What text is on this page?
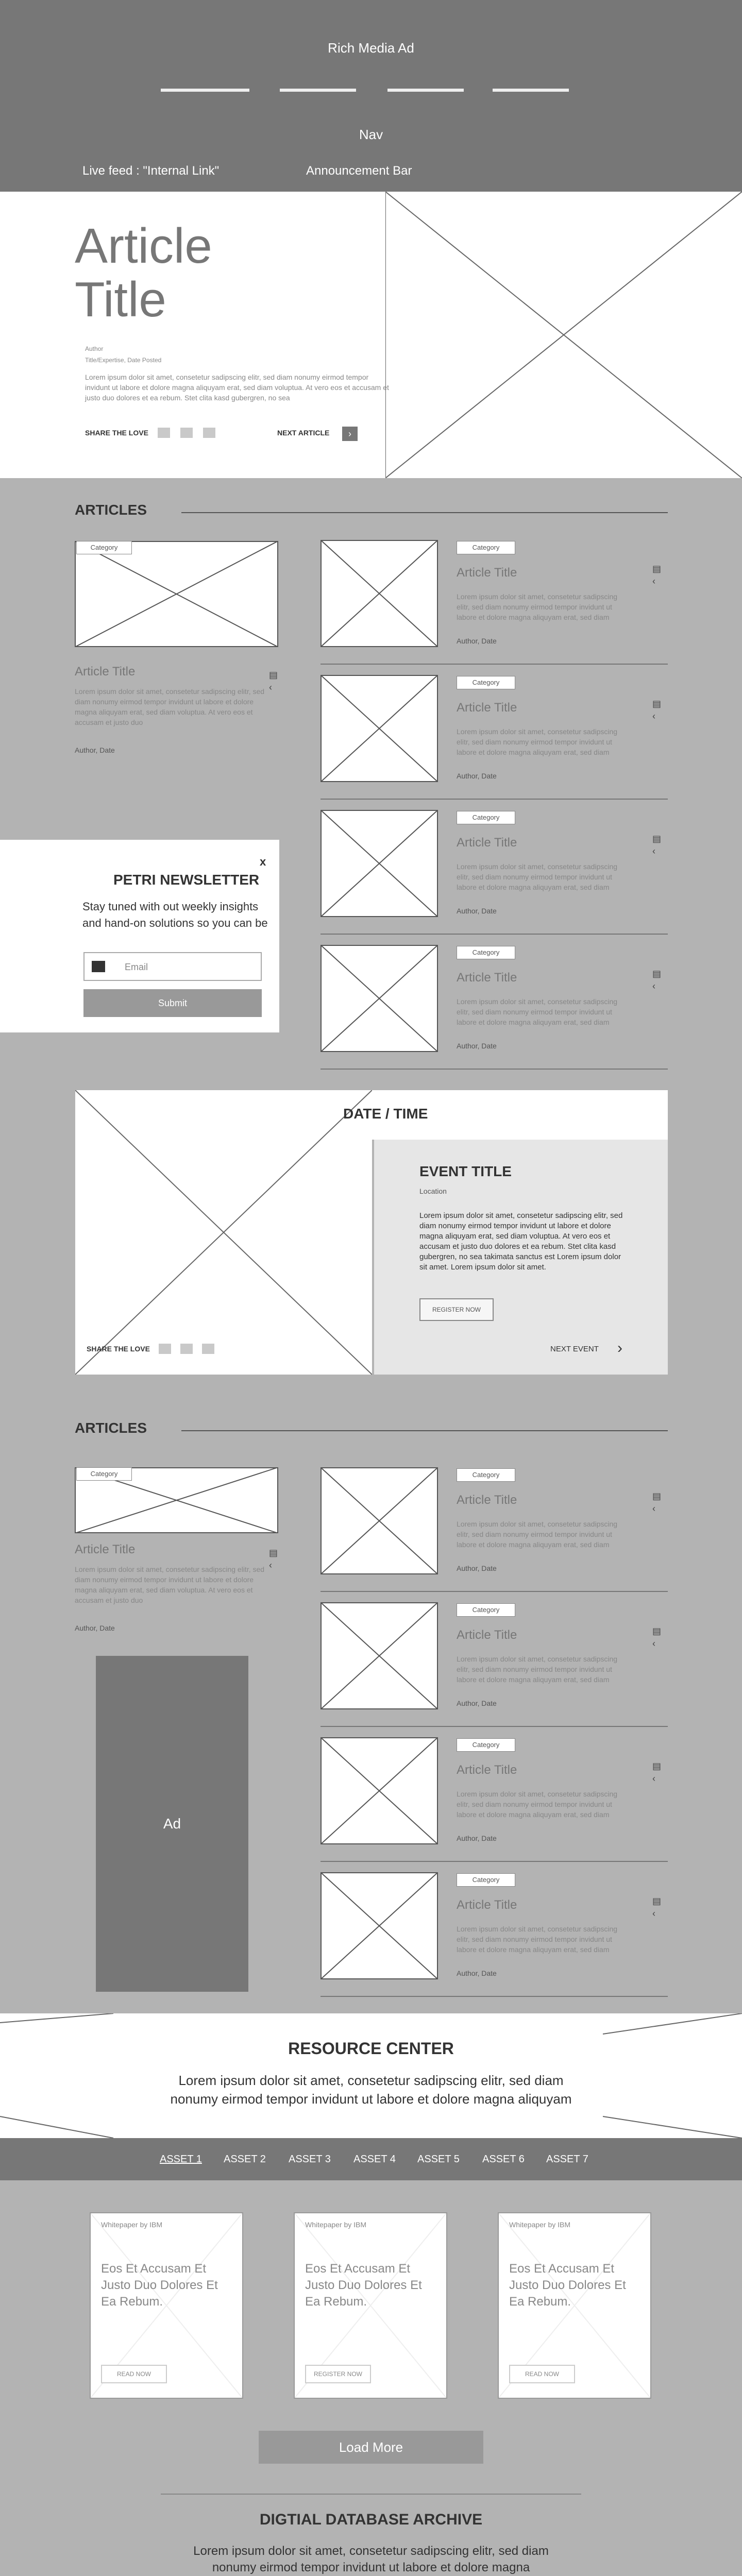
Rich Media Ad
Nav
Live feed : "Internal Link"	Announcement Bar
Article
Title
Author
Title/Expertise, Date Posted
Lorem ipsum dolor sit amet, consetetur sadipscing elitr, sed diam nonumy eirmod tempor invidunt ut labore et dolore magna aliquyam erat, sed diam voluptua. At vero eos et accusam et justo duo dolores et ea rebum. Stet clita kasd gubergren, no sea
SHARE THE LOVE	NEXT ARTICLE	›
ARTICLES
Category
Article Title
Lorem ipsum dolor sit amet, consetetur sadipscing elitr, sed diam nonumy eirmod tempor invidunt ut labore et dolore magna aliquyam erat, sed diam voluptua. At vero eos et accusam et justo duo
Author, Date
▤
‹
Category
Article Title
Lorem ipsum dolor sit amet, consetetur sadipscing elitr, sed diam nonumy eirmod tempor invidunt ut labore et dolore magna aliquyam erat, sed diam
Author, Date
▤
‹
Category
Article Title
Lorem ipsum dolor sit amet, consetetur sadipscing elitr, sed diam nonumy eirmod tempor invidunt ut labore et dolore magna aliquyam erat, sed diam
Author, Date
▤
‹
Category
Article Title
Lorem ipsum dolor sit amet, consetetur sadipscing elitr, sed diam nonumy eirmod tempor invidunt ut labore et dolore magna aliquyam erat, sed diam
Author, Date
▤
‹
Category
Article Title
Lorem ipsum dolor sit amet, consetetur sadipscing elitr, sed diam nonumy eirmod tempor invidunt ut labore et dolore magna aliquyam erat, sed diam
Author, Date
▤
‹
x
PETRI NEWSLETTER
Stay tuned with out weekly insights and hand-on solutions so you can be
Email
Submit
DATE / TIME
EVENT TITLE
Location
Lorem ipsum dolor sit amet, consetetur sadipscing elitr, sed diam nonumy eirmod tempor invidunt ut labore et dolore magna aliquyam erat, sed diam voluptua. At vero eos et accusam et justo duo dolores et ea rebum. Stet clita kasd gubergren, no sea takimata sanctus est Lorem ipsum dolor sit amet. Lorem ipsum dolor sit amet.
REGISTER NOW
SHARE THE LOVE	NEXT EVENT ›
ARTICLES
Category
Article Title
Lorem ipsum dolor sit amet, consetetur sadipscing elitr, sed diam nonumy eirmod tempor invidunt ut labore et dolore magna aliquyam erat, sed diam voluptua. At vero eos et accusam et justo duo
Author, Date
▤
‹
Ad
Category
Article Title
Lorem ipsum dolor sit amet, consetetur sadipscing elitr, sed diam nonumy eirmod tempor invidunt ut labore et dolore magna aliquyam erat, sed diam
Author, Date
▤
‹
Category
Article Title
Lorem ipsum dolor sit amet, consetetur sadipscing elitr, sed diam nonumy eirmod tempor invidunt ut labore et dolore magna aliquyam erat, sed diam
Author, Date
▤
‹
Category
Article Title
Lorem ipsum dolor sit amet, consetetur sadipscing elitr, sed diam nonumy eirmod tempor invidunt ut labore et dolore magna aliquyam erat, sed diam
Author, Date
▤
‹
Category
Article Title
Lorem ipsum dolor sit amet, consetetur sadipscing elitr, sed diam nonumy eirmod tempor invidunt ut labore et dolore magna aliquyam erat, sed diam
Author, Date
▤
‹
RESOURCE CENTER
Lorem ipsum dolor sit amet, consetetur sadipscing elitr, sed diam nonumy eirmod tempor invidunt ut labore et dolore magna aliquyam
ASSET 1 ASSET 2 ASSET 3 ASSET 4 ASSET 5 ASSET 6 ASSET 7
Whitepaper by IBM
Eos Et Accusam Et Justo Duo Dolores Et Ea Rebum.
READ NOW
Whitepaper by IBM
Eos Et Accusam Et Justo Duo Dolores Et Ea Rebum.
REGISTER NOW
Whitepaper by IBM
Eos Et Accusam Et Justo Duo Dolores Et Ea Rebum.
READ NOW
Load More
DIGTIAL DATABASE ARCHIVE
Lorem ipsum dolor sit amet, consetetur sadipscing elitr, sed diam nonumy eirmod tempor invidunt ut labore et dolore magna
